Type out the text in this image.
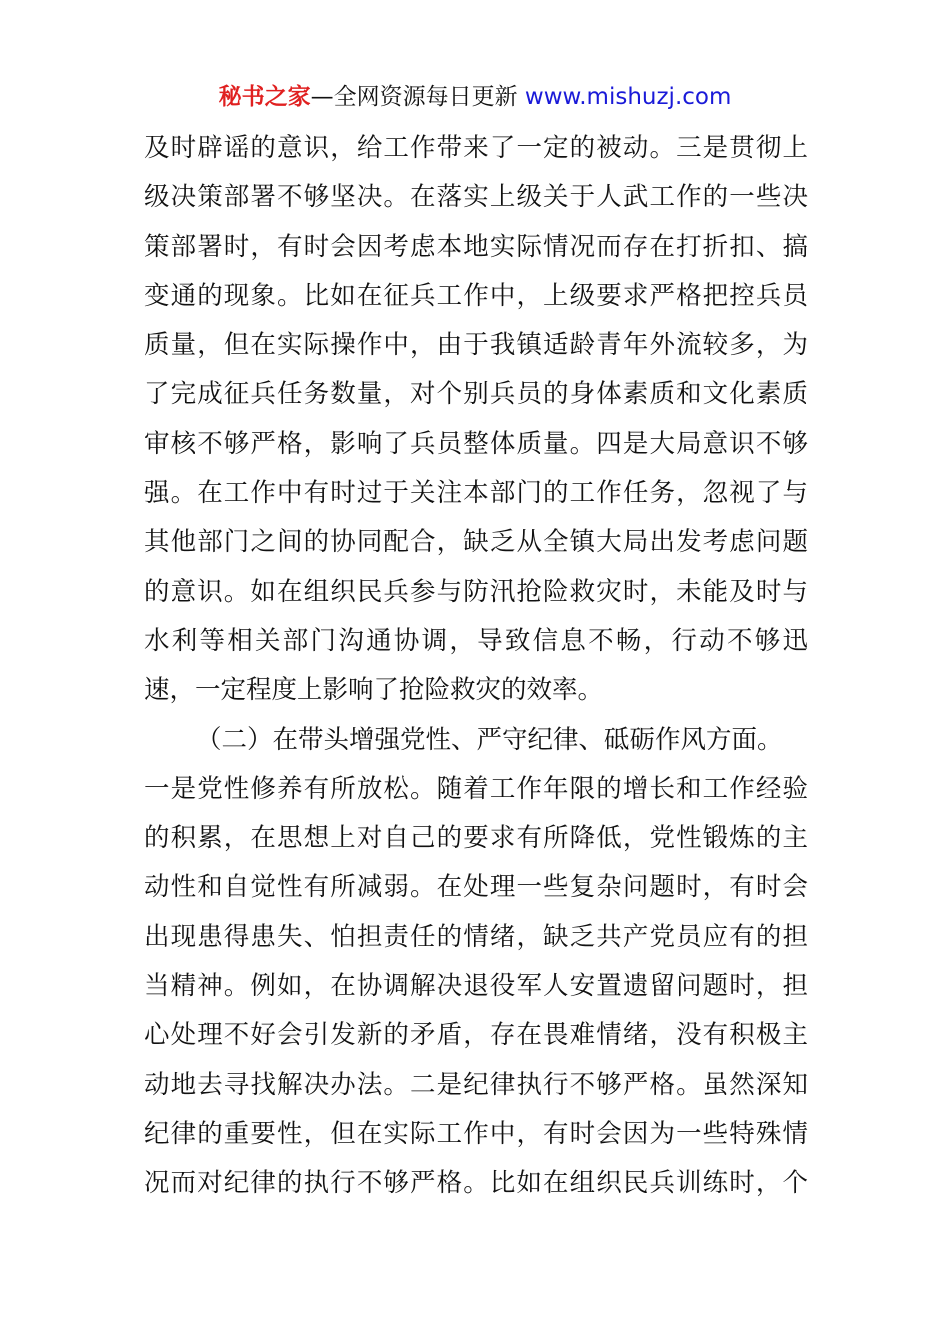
秘书之家—全网资源每日更新 www.mishuzj.com
及时辟谣的意识，给工作带来了一定的被动。三是贯彻上
级决策部署不够坚决。在落实上级关于人武工作的一些决
策部署时，有时会因考虑本地实际情况而存在打折扣、搞
变通的现象。比如在征兵工作中，上级要求严格把控兵员
质量，但在实际操作中，由于我镇适龄青年外流较多，为
了完成征兵任务数量，对个别兵员的身体素质和文化素质
审核不够严格，影响了兵员整体质量。四是大局意识不够
强。在工作中有时过于关注本部门的工作任务，忽视了与
其他部门之间的协同配合，缺乏从全镇大局出发考虑问题
的意识。如在组织民兵参与防汛抢险救灾时，未能及时与
水利等相关部门沟通协调，导致信息不畅，行动不够迅
速，一定程度上影响了抢险救灾的效率。
（二）在带头增强党性、严守纪律、砥砺作风方面。
一是党性修养有所放松。随着工作年限的增长和工作经验
的积累，在思想上对自己的要求有所降低，党性锻炼的主
动性和自觉性有所减弱。在处理一些复杂问题时，有时会
出现患得患失、怕担责任的情绪，缺乏共产党员应有的担
当精神。例如，在协调解决退役军人安置遗留问题时，担
心处理不好会引发新的矛盾，存在畏难情绪，没有积极主
动地去寻找解决办法。二是纪律执行不够严格。虽然深知
纪律的重要性，但在实际工作中，有时会因为一些特殊情
况而对纪律的执行不够严格。比如在组织民兵训练时，个
